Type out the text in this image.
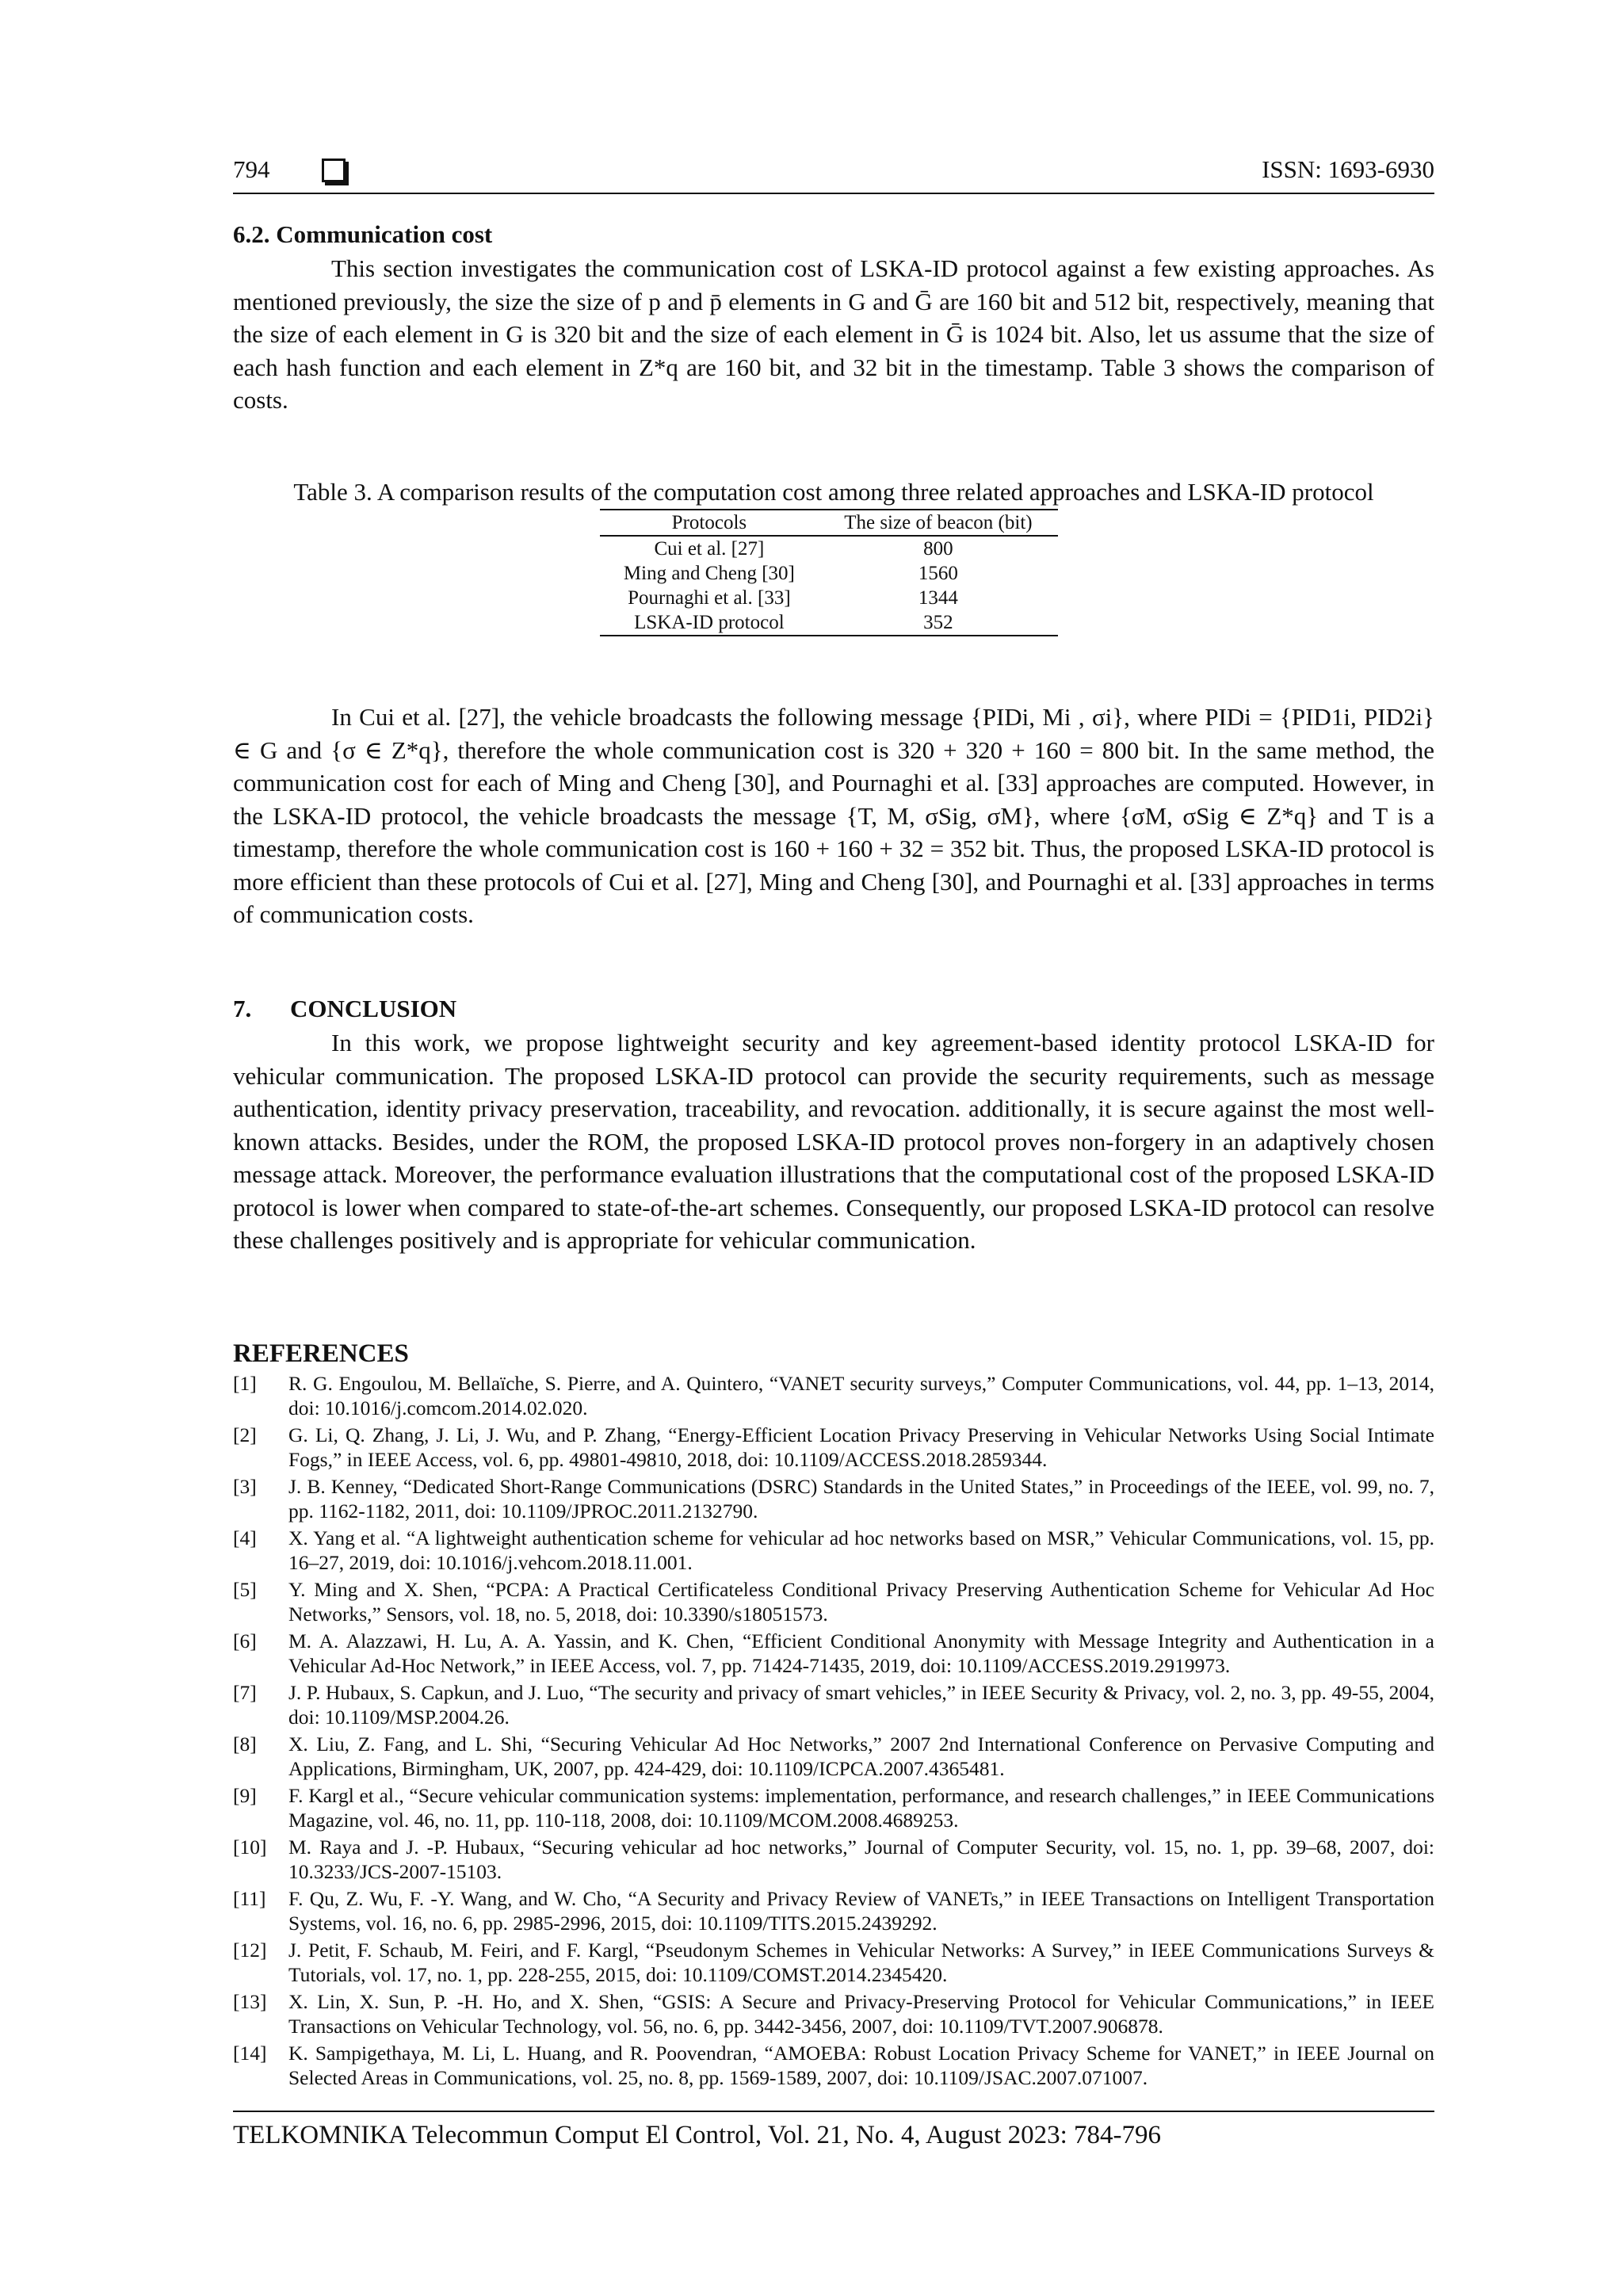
794	ISSN: 1693-6930
6.2. Communication cost

This section investigates the communication cost of LSKA-ID protocol against a few existing approaches. As mentioned previously, the size the size of p and p̄ elements in G and Ḡ are 160 bit and 512 bit, respectively, meaning that the size of each element in G is 320 bit and the size of each element in Ḡ is 1024 bit. Also, let us assume that the size of each hash function and each element in Z*q are 160 bit, and 32 bit in the timestamp. Table 3 shows the comparison of costs.

Table 3. A comparison results of the computation cost among three related approaches and LSKA-ID protocol
Protocols	The size of beacon (bit)
Cui et al. [27]	800
Ming and Cheng [30]	1560
Pournaghi et al. [33]	1344
LSKA-ID protocol	352

In Cui et al. [27], the vehicle broadcasts the following message {PIDi, Mi , σi}, where PIDi = {PID1i, PID2i} ∈ G and {σ ∈ Z*q}, therefore the whole communication cost is 320 + 320 + 160 = 800 bit. In the same method, the communication cost for each of Ming and Cheng [30], and Pournaghi et al. [33] approaches are computed. However, in the LSKA-ID protocol, the vehicle broadcasts the message {T, M, σSig, σM}, where {σM, σSig ∈ Z*q} and T is a timestamp, therefore the whole communication cost is 160 + 160 + 32 = 352 bit. Thus, the proposed LSKA-ID protocol is more efficient than these protocols of Cui et al. [27], Ming and Cheng [30], and Pournaghi et al. [33] approaches in terms of communication costs.

7. CONCLUSION

In this work, we propose lightweight security and key agreement-based identity protocol LSKA-ID for vehicular communication. The proposed LSKA-ID protocol can provide the security requirements, such as message authentication, identity privacy preservation, traceability, and revocation. additionally, it is secure against the most well-known attacks. Besides, under the ROM, the proposed LSKA-ID protocol proves non-forgery in an adaptively chosen message attack. Moreover, the performance evaluation illustrations that the computational cost of the proposed LSKA-ID protocol is lower when compared to state-of-the-art schemes. Consequently, our proposed LSKA-ID protocol can resolve these challenges positively and is appropriate for vehicular communication.

REFERENCES
[1]	R. G. Engoulou, M. Bellaïche, S. Pierre, and A. Quintero, “VANET security surveys,” Computer Communications, vol. 44, pp. 1–13, 2014, doi: 10.1016/j.comcom.2014.02.020.
[2]	G. Li, Q. Zhang, J. Li, J. Wu, and P. Zhang, “Energy-Efficient Location Privacy Preserving in Vehicular Networks Using Social Intimate Fogs,” in IEEE Access, vol. 6, pp. 49801-49810, 2018, doi: 10.1109/ACCESS.2018.2859344.
[3]	J. B. Kenney, “Dedicated Short-Range Communications (DSRC) Standards in the United States,” in Proceedings of the IEEE, vol. 99, no. 7, pp. 1162-1182, 2011, doi: 10.1109/JPROC.2011.2132790.
[4]	X. Yang et al. “A lightweight authentication scheme for vehicular ad hoc networks based on MSR,” Vehicular Communications, vol. 15, pp. 16–27, 2019, doi: 10.1016/j.vehcom.2018.11.001.
[5]	Y. Ming and X. Shen, “PCPA: A Practical Certificateless Conditional Privacy Preserving Authentication Scheme for Vehicular Ad Hoc Networks,” Sensors, vol. 18, no. 5, 2018, doi: 10.3390/s18051573.
[6]	M. A. Alazzawi, H. Lu, A. A. Yassin, and K. Chen, “Efficient Conditional Anonymity with Message Integrity and Authentication in a Vehicular Ad-Hoc Network,” in IEEE Access, vol. 7, pp. 71424-71435, 2019, doi: 10.1109/ACCESS.2019.2919973.
[7]	J. P. Hubaux, S. Capkun, and J. Luo, “The security and privacy of smart vehicles,” in IEEE Security & Privacy, vol. 2, no. 3, pp. 49-55, 2004, doi: 10.1109/MSP.2004.26.
[8]	X. Liu, Z. Fang, and L. Shi, “Securing Vehicular Ad Hoc Networks,” 2007 2nd International Conference on Pervasive Computing and Applications, Birmingham, UK, 2007, pp. 424-429, doi: 10.1109/ICPCA.2007.4365481.
[9]	F. Kargl et al., “Secure vehicular communication systems: implementation, performance, and research challenges,” in IEEE Communications Magazine, vol. 46, no. 11, pp. 110-118, 2008, doi: 10.1109/MCOM.2008.4689253.
[10]	M. Raya and J. -P. Hubaux, “Securing vehicular ad hoc networks,” Journal of Computer Security, vol. 15, no. 1, pp. 39–68, 2007, doi: 10.3233/JCS-2007-15103.
[11]	F. Qu, Z. Wu, F. -Y. Wang, and W. Cho, “A Security and Privacy Review of VANETs,” in IEEE Transactions on Intelligent Transportation Systems, vol. 16, no. 6, pp. 2985-2996, 2015, doi: 10.1109/TITS.2015.2439292.
[12]	J. Petit, F. Schaub, M. Feiri, and F. Kargl, “Pseudonym Schemes in Vehicular Networks: A Survey,” in IEEE Communications Surveys & Tutorials, vol. 17, no. 1, pp. 228-255, 2015, doi: 10.1109/COMST.2014.2345420.
[13]	X. Lin, X. Sun, P. -H. Ho, and X. Shen, “GSIS: A Secure and Privacy-Preserving Protocol for Vehicular Communications,” in IEEE Transactions on Vehicular Technology, vol. 56, no. 6, pp. 3442-3456, 2007, doi: 10.1109/TVT.2007.906878.
[14]	K. Sampigethaya, M. Li, L. Huang, and R. Poovendran, “AMOEBA: Robust Location Privacy Scheme for VANET,” in IEEE Journal on Selected Areas in Communications, vol. 25, no. 8, pp. 1569-1589, 2007, doi: 10.1109/JSAC.2007.071007.
TELKOMNIKA Telecommun Comput El Control, Vol. 21, No. 4, August 2023: 784-796
